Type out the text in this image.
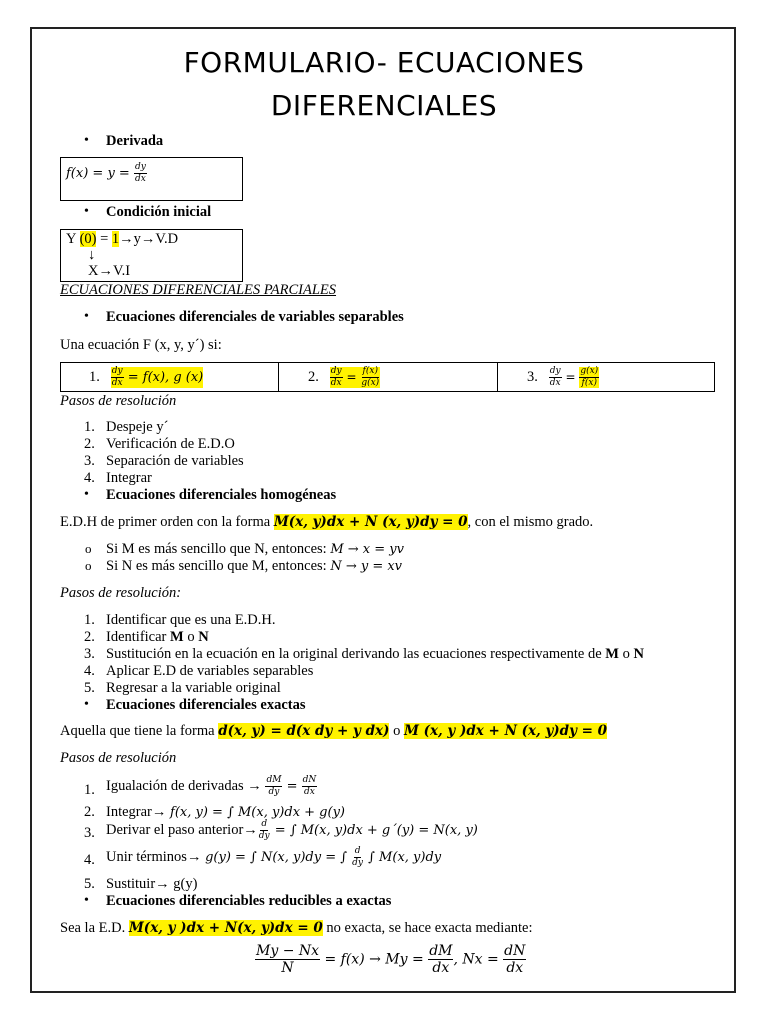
FORMULARIO- ECUACIONES
DIFERENCIALES
• Derivada
$f(x) = y = \frac{dy}{dx}$
• Condición inicial
Y (0) = 1→y→V.D
↓
X→V.I
ECUACIONES DIFERENCIALES PARCIALES
• Ecuaciones diferenciales de variables separables
Una ecuación F (x, y, y´) si:
1.
$\frac{dy}{dx} = f(x)$, g (x)	2.
$\frac{dy}{dx} = \frac{f(x)}{g(x)}$	3.
$\frac{dy}{dx} = \frac{g(x)}{f(x)}$
Pasos de resolución
1. Despeje y´
2. Verificación de E.D.O
3. Separación de variables
4. Integrar
• Ecuaciones diferenciales homogéneas
E.D.H de primer orden con la forma M(x, y)dx + N (x, y)dy = 0, con el mismo grado.
o Si M es más sencillo que N, entonces: M → x = yv
o Si N es más sencillo que M, entonces: N → y = xv
Pasos de resolución:
1. Identificar que es una E.D.H.
2. Identificar M o N
3. Sustitución en la ecuación en la original derivando las ecuaciones respectivamente de M o N
4. Aplicar E.D de variables separables
5. Regresar a la variable original
• Ecuaciones diferenciales exactas
Aquella que tiene la forma d(x, y) = d(x dy + y dx) o M (x, y )dx + N (x, y)dy = 0
Pasos de resolución
1. Igualación de derivadas → $\frac{dM}{dy} = \frac{dN}{dx}$
2. Integrar→ f(x, y) = ∫ M(x, y)dx + g(y)
3. Derivar el paso anterior→ $\frac{d}{dy}$ = ∫ M(x, y)dx + g´(y) = N(x, y)
4. Unir términos→ g(y) = ∫ N(x, y)dy = ∫ $\frac{d}{dy}$ ∫ M(x, y)dy
5. Sustituir→ g(y)
• Ecuaciones diferenciables reducibles a exactas
Sea la E.D. M(x, y )dx + N(x, y)dx = 0 no exacta, se hace exacta mediante:
$\frac{My - Nx}{N} = f(x) \to My = \frac{dM}{dx}$ , $Nx = \frac{dN}{dx}$
